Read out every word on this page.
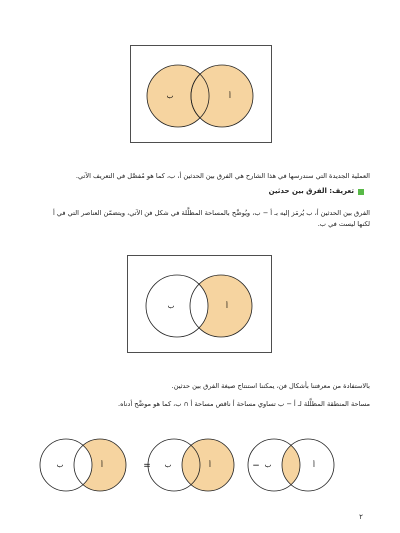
ب	أ
العملية الجديدة التي سندرسها في هذا الشارح هي الفرق بين الحدثين أ، ب، كما هو مُفصَّل في التعريف الآتي.
تعريف: الفرق بين حدثين
الفرق بين الحدثين أ، ب يُرمَز إليه بـ أ − ب، ويُوضَّح بالمساحة المظلَّلة في شكل فن الآتي، ويتضمّن العناصر التي في أ
لكنها ليست في ب.
ب	أ
بالاستفادة من معرفتنا بأشكال فن، يمكننا استنتاج صيغة الفرق بين حدثين.
مساحة المنطقة المظلَّلة لـ أ − ب تساوي مساحة أ ناقص مساحة أ ∩ ب، كما هو موضَّح أدناه.
ب	أ	= ب	أ	− ب	أ
٢
